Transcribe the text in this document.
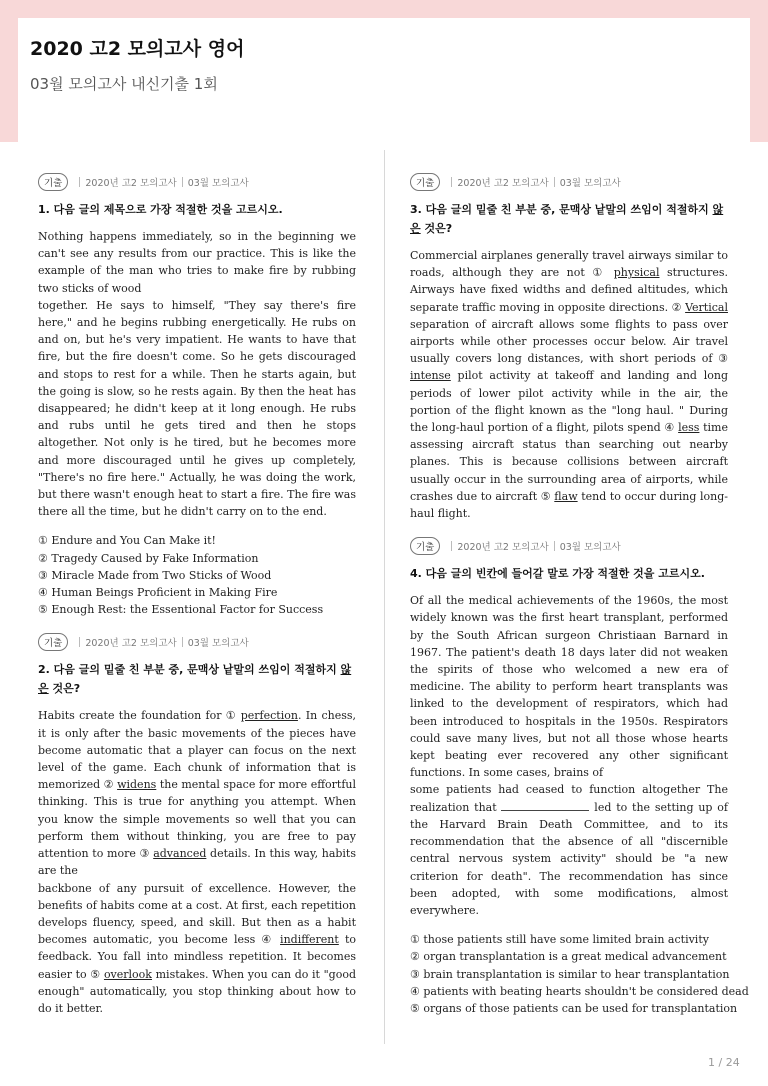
2020 고2 모의고사 영어
03월 모의고사 내신기출 1회
기출	2020년 고2 모의고사 03월 모의고사
1. 다음 글의 제목으로 가장 적절한 것을 고르시오.
Nothing happens immediately, so in the beginning we can't see any results from our practice. This is like the example of the man who tries to make fire by rubbing two sticks of wood
together. He says to himself, "They say there's fire here," and he begins rubbing energetically. He rubs on and on, but he's very impatient. He wants to have that fire, but the fire doesn't come. So he gets discouraged and stops to rest for a while. Then he starts again, but the going is slow, so he rests again. By then the heat has disappeared; he didn't keep at it long enough. He rubs and rubs until he gets tired and then he stops altogether. Not only is he tired, but he becomes more and more discouraged until he gives up completely, "There's no fire here." Actually, he was doing the work, but there wasn't enough heat to start a fire. The fire was there all the time, but he didn't carry on to the end.
① Endure and You Can Make it!
② Tragedy Caused by Fake Information
③ Miracle Made from Two Sticks of Wood
④ Human Beings Proficient in Making Fire
⑤ Enough Rest: the Essentional Factor for Success
기출	2020년 고2 모의고사 03월 모의고사
2. 다음 글의 밑줄 친 부분 중, 문맥상 낱말의 쓰임이 적절하지 않은 것은?
Habits create the foundation for ① perfection. In chess, it is only after the basic movements of the pieces have become automatic that a player can focus on the next level of the game. Each chunk of information that is memorized ② widens the mental space for more effortful thinking. This is true for anything you attempt. When you know the simple movements so well that you can perform them without thinking, you are free to pay attention to more ③ advanced details. In this way, habits are the
backbone of any pursuit of excellence. However, the benefits of habits come at a cost. At first, each repetition develops fluency, speed, and skill. But then as a habit becomes automatic, you become less ④ indifferent to feedback. You fall into mindless repetition. It becomes easier to ⑤ overlook mistakes. When you can do it "good enough" automatically, you stop thinking about how to do it better.
기출	2020년 고2 모의고사 03월 모의고사
3. 다음 글의 밑줄 친 부분 중, 문맥상 낱말의 쓰임이 적절하지 않은 것은?
Commercial airplanes generally travel airways similar to roads, although they are not ① physical structures. Airways have fixed widths and defined altitudes, which separate traffic moving in opposite directions. ② Vertical separation of aircraft allows some flights to pass over airports while other processes occur below. Air travel usually covers long distances, with short periods of ③ intense pilot activity at takeoff and landing and long periods of lower pilot activity while in the air, the portion of the flight known as the "long haul. " During the long-haul portion of a flight, pilots spend ④ less time assessing aircraft status than searching out nearby planes. This is because collisions between aircraft usually occur in the surrounding area of airports, while crashes due to aircraft ⑤ flaw tend to occur during long-haul flight.
기출	2020년 고2 모의고사 03월 모의고사
4. 다음 글의 빈칸에 들어갈 말로 가장 적절한 것을 고르시오.
Of all the medical achievements of the 1960s, the most widely known was the first heart transplant, performed by the South African surgeon Christiaan Barnard in 1967. The patient's death 18 days later did not weaken the spirits of those who welcomed a new era of medicine. The ability to perform heart transplants was linked to the development of respirators, which had been introduced to hospitals in the 1950s. Respirators could save many lives, but not all those whose hearts kept beating ever recovered any other significant functions. In some cases, brains of
some patients had ceased to function altogether The realization that	led to the setting up of the Harvard Brain Death Committee, and to its recommendation that the absence of all "discernible central nervous system activity" should be "a new criterion for death". The recommendation has since been adopted, with some modifications, almost everywhere.
① those patients still have some limited brain activity
② organ transplantation is a great medical advancement
③ brain transplantation is similar to hear transplantation
④ patients with beating hearts shouldn't be considered dead
⑤ organs of those patients can be used for transplantation
1 / 24
